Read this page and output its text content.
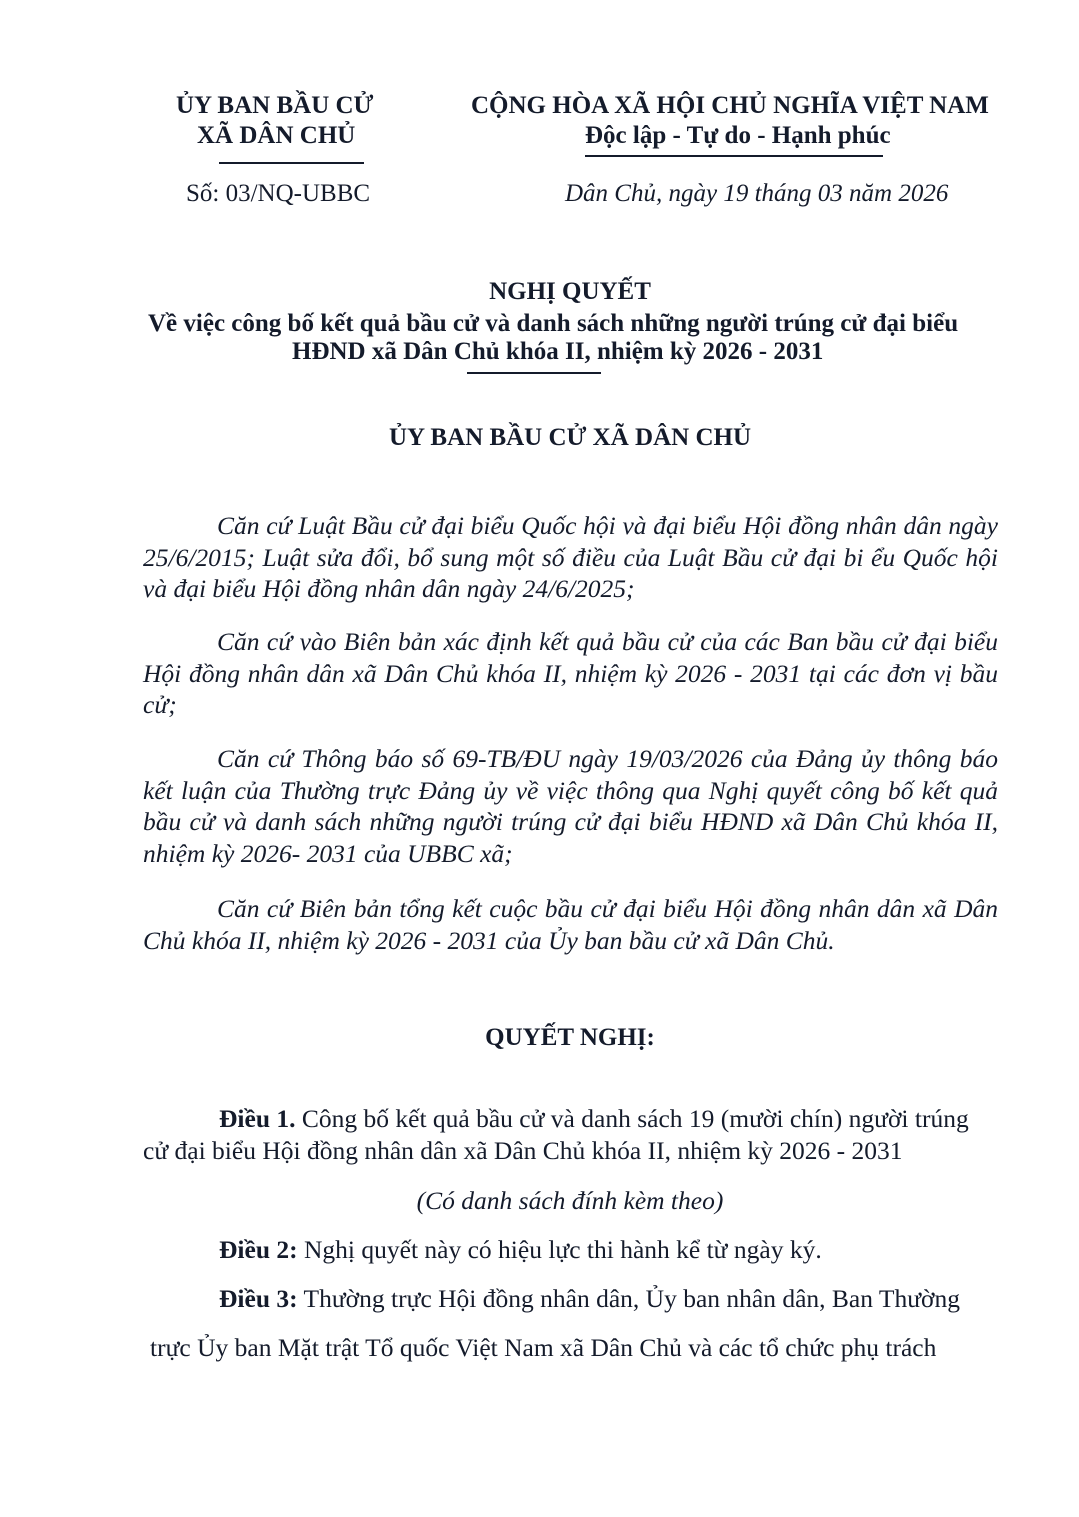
ỦY BAN BẦU CỬ
XÃ DÂN CHỦ
Số: 03/NQ-UBBC
CỘNG HÒA XÃ HỘI CHỦ NGHĨA VIỆT NAM
Độc lập - Tự do - Hạnh phúc
Dân Chủ, ngày 19 tháng 03 năm 2026
NGHỊ QUYẾT
Về việc công bố kết quả bầu cử và danh sách những người trúng cử đại biểu
HĐND xã Dân Chủ khóa II, nhiệm kỳ 2026 - 2031
ỦY BAN BẦU CỬ XÃ DÂN CHỦ
Căn cứ Luật Bầu cử đại biểu Quốc hội và đại biểu Hội đồng nhân dân ngày
25/6/2015; Luật sửa đổi, bổ sung một số điều của Luật Bầu cử đại bi ểu Quốc hội
và đại biểu Hội đồng nhân dân ngày 24/6/2025;
Căn cứ vào Biên bản xác định kết quả bầu cử của các Ban bầu cử đại biểu
Hội đồng nhân dân xã Dân Chủ khóa II, nhiệm kỳ 2026 - 2031 tại các đơn vị bầu
cử;
Căn cứ Thông báo số 69-TB/ĐU ngày 19/03/2026 của Đảng ủy thông báo
kết luận của Thường trực Đảng ủy về việc thông qua Nghị quyết công bố kết quả
bầu cử và danh sách những người trúng cử đại biểu HĐND xã Dân Chủ khóa II,
nhiệm kỳ 2026- 2031 của UBBC xã;
Căn cứ Biên bản tổng kết cuộc bầu cử đại biểu Hội đồng nhân dân xã Dân
Chủ khóa II, nhiệm kỳ 2026 - 2031 của Ủy ban bầu cử xã Dân Chủ.
QUYẾT NGHỊ:
Điều 1. Công bố kết quả bầu cử và danh sách 19 (mười chín) người trúng
cử đại biểu Hội đồng nhân dân xã Dân Chủ khóa II, nhiệm kỳ 2026 - 2031
(Có danh sách đính kèm theo)
Điều 2: Nghị quyết này có hiệu lực thi hành kể từ ngày ký.
Điều 3: Thường trực Hội đồng nhân dân, Ủy ban nhân dân, Ban Thường
trực Ủy ban Mặt trật Tổ quốc Việt Nam xã Dân Chủ và các tổ chức phụ trách
